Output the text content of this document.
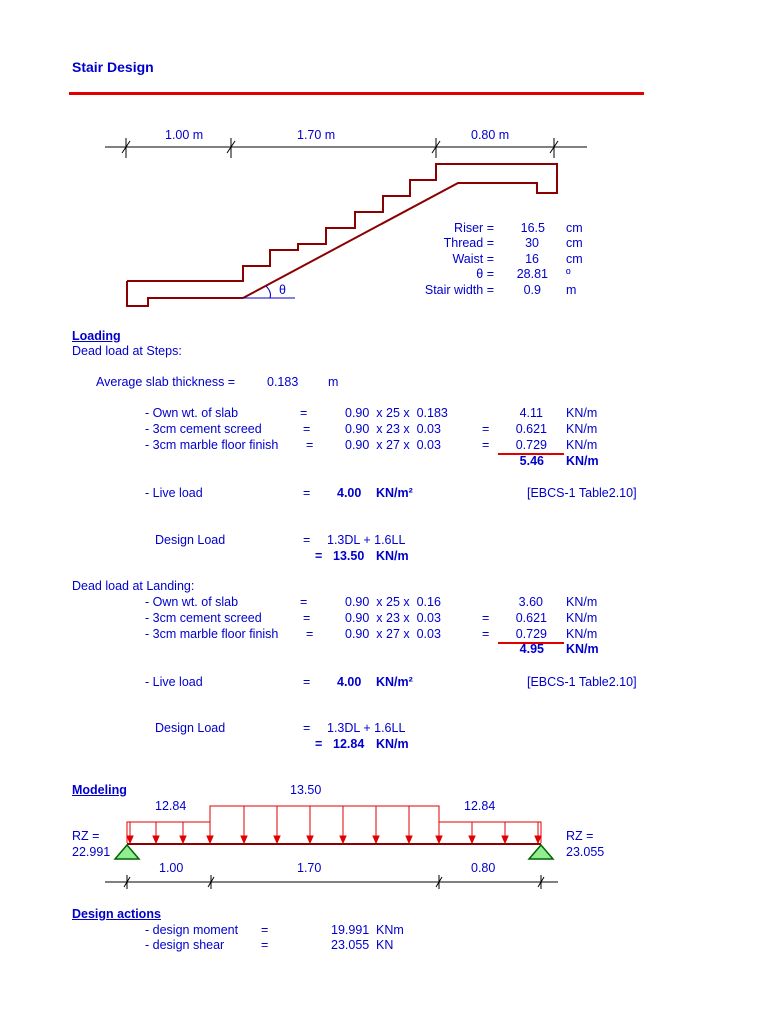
Stair Design
1.00 m	1.70 m	0.80 m
θ
Riser =	16.5 cm
Thread =	30 cm
Waist =	16 cm
θ =	28.81 º
Stair width =	0.9 m
Loading
Dead load at Steps:
Average slab thickness =	0.183 m
- Own wt. of slab	=	0.90  x 25 x  0.183	4.11 KN/m
- 3cm cement screed	=	0.90  x 23 x  0.03	=	0.621 KN/m
- 3cm marble floor finish =	0.90  x 27 x  0.03	=	0.729 KN/m
5.46 KN/m
- Live load	= 4.00 KN/m²	[EBCS-1 Table2.10]
Design Load	= 1.3DL + 1.6LL
= 13.50 KN/m
Dead load at Landing:
- Own wt. of slab	=	0.90  x 25 x  0.16	3.60 KN/m
- 3cm cement screed	=	0.90  x 23 x  0.03	=	0.621 KN/m
- 3cm marble floor finish =	0.90  x 27 x  0.03	=	0.729 KN/m
4.95 KN/m
- Live load	= 4.00 KN/m²	[EBCS-1 Table2.10]
Design Load	= 1.3DL + 1.6LL
= 12.84 KN/m
Modeling	13.50
12.84	12.84
RZ =
22.991
RZ =
23.055
1.00	1.70	0.80
Design actions
- design moment =	19.991 KNm
- design shear	=	23.055 KN
